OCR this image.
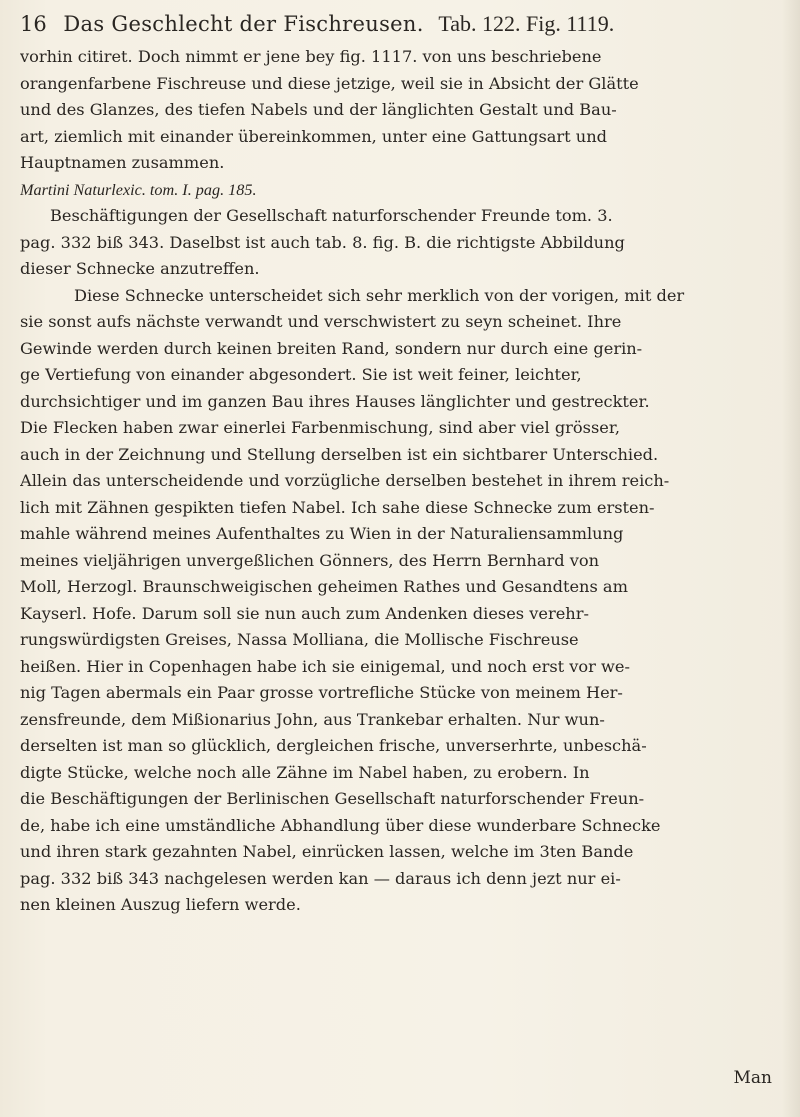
16 Das Geschlecht der Fischreusen. Tab. 122. Fig. 1119.
vorhin citiret. Doch nimmt er jene bey fig. 1117. von uns beschriebene
orangenfarbene Fischreuse und diese jetzige, weil sie in Absicht der Glätte
und des Glanzes, des tiefen Nabels und der länglichten Gestalt und Bau-
art, ziemlich mit einander übereinkommen, unter eine Gattungsart und
Hauptnamen zusammen.
Martini Naturlexic. tom. I. pag. 185.
Beschäftigungen der Gesellschaft naturforschender Freunde tom. 3.
pag. 332 biß 343. Daselbst ist auch tab. 8. fig. B. die richtigste Abbildung
dieser Schnecke anzutreffen.
Diese Schnecke unterscheidet sich sehr merklich von der vorigen, mit der
sie sonst aufs nächste verwandt und verschwistert zu seyn scheinet. Ihre
Gewinde werden durch keinen breiten Rand, sondern nur durch eine gerin-
ge Vertiefung von einander abgesondert. Sie ist weit feiner, leichter,
durchsichtiger und im ganzen Bau ihres Hauses länglichter und gestreckter.
Die Flecken haben zwar einerlei Farbenmischung, sind aber viel grösser,
auch in der Zeichnung und Stellung derselben ist ein sichtbarer Unterschied.
Allein das unterscheidende und vorzügliche derselben bestehet in ihrem reich-
lich mit Zähnen gespikten tiefen Nabel. Ich sahe diese Schnecke zum ersten-
mahle während meines Aufenthaltes zu Wien in der Naturaliensammlung
meines vieljährigen unvergeßlichen Gönners, des Herrn Bernhard von
Moll, Herzogl. Braunschweigischen geheimen Rathes und Gesandtens am
Kayserl. Hofe. Darum soll sie nun auch zum Andenken dieses verehr-
rungswürdigsten Greises, Nassa Molliana, die Mollische Fischreuse
heißen. Hier in Copenhagen habe ich sie einigemal, und noch erst vor we-
nig Tagen abermals ein Paar grosse vortrefliche Stücke von meinem Her-
zensfreunde, dem Mißionarius John, aus Trankebar erhalten. Nur wun-
derselten ist man so glücklich, dergleichen frische, unverserhrte, unbeschä-
digte Stücke, welche noch alle Zähne im Nabel haben, zu erobern. In
die Beschäftigungen der Berlinischen Gesellschaft naturforschender Freun-
de, habe ich eine umständliche Abhandlung über diese wunderbare Schnecke
und ihren stark gezahnten Nabel, einrücken lassen, welche im 3ten Bande
pag. 332 biß 343 nachgelesen werden kan — daraus ich denn jezt nur ei-
nen kleinen Auszug liefern werde.
Man
